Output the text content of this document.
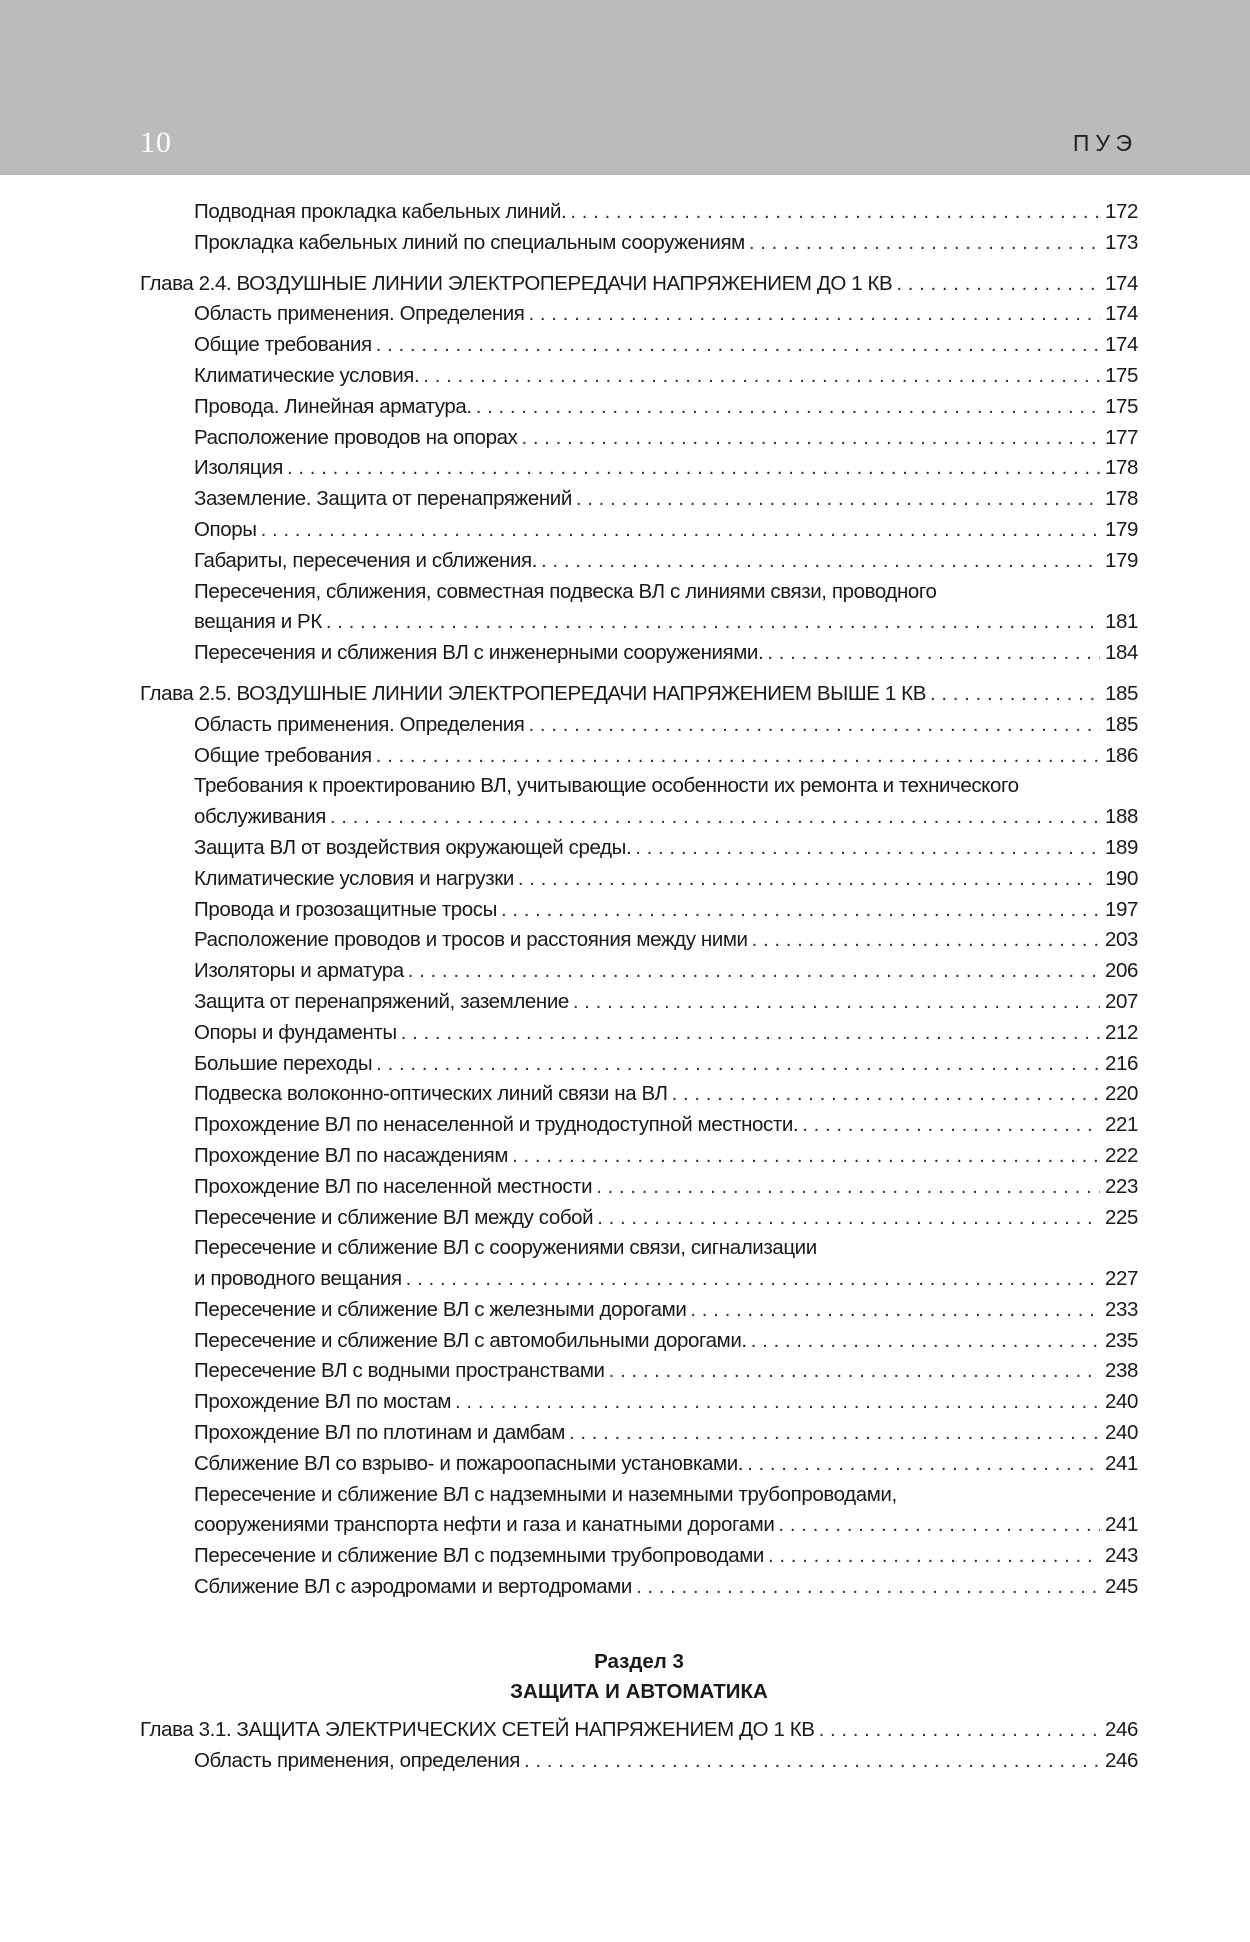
10	ПУЭ
Подводная прокладка кабельных линий. . . .	172
Прокладка кабельных линий по специальным сооружениям . . .	173
Глава 2.4. ВОЗДУШНЫЕ ЛИНИИ ЭЛЕКТРОПЕРЕДАЧИ НАПРЯЖЕНИЕМ ДО 1 КВ . . .	174
Область применения. Определения . . .	174
Общие требования . . .	174
Климатические условия. . . .	175
Провода. Линейная арматура. . . .	175
Расположение проводов на опорах . . .	177
Изоляция . . .	178
Заземление. Защита от перенапряжений . . .	178
Опоры . . .	179
Габариты, пересечения и сближения. . . .	179
Пересечения, сближения, совместная подвеска ВЛ с линиями связи, проводного
вещания и РК . . .	181
Пересечения и сближения ВЛ с инженерными сооружениями. . . .	184
Глава 2.5. ВОЗДУШНЫЕ ЛИНИИ ЭЛЕКТРОПЕРЕДАЧИ НАПРЯЖЕНИЕМ ВЫШЕ 1 КВ . . .	185
Область применения. Определения . . .	185
Общие требования . . .	186
Требования к проектированию ВЛ, учитывающие особенности их ремонта и технического
обслуживания . . .	188
Защита ВЛ от воздействия окружающей среды. . . .	189
Климатические условия и нагрузки . . .	190
Провода и грозозащитные тросы . . .	197
Расположение проводов и тросов и расстояния между ними . . .	203
Изоляторы и арматура . . .	206
Защита от перенапряжений, заземление . . .	207
Опоры и фундаменты . . .	212
Большие переходы . . .	216
Подвеска волоконно-оптических линий связи на ВЛ . . .	220
Прохождение ВЛ по ненаселенной и труднодоступной местности. . . .	221
Прохождение ВЛ по насаждениям . . .	222
Прохождение ВЛ по населенной местности . . .	223
Пересечение и сближение ВЛ между собой . . .	225
Пересечение и сближение ВЛ с сооружениями связи, сигнализации
и проводного вещания . . .	227
Пересечение и сближение ВЛ с железными дорогами . . .	233
Пересечение и сближение ВЛ с автомобильными дорогами. . . .	235
Пересечение ВЛ с водными пространствами . . .	238
Прохождение ВЛ по мостам . . .	240
Прохождение ВЛ по плотинам и дамбам . . .	240
Сближение ВЛ со взрыво- и пожароопасными установками. . . .	241
Пересечение и сближение ВЛ с надземными и наземными трубопроводами,
сооружениями транспорта нефти и газа и канатными дорогами . . .	241
Пересечение и сближение ВЛ с подземными трубопроводами . . .	243
Сближение ВЛ с аэродромами и вертодромами . . .	245
Раздел 3
ЗАЩИТА И АВТОМАТИКА
Глава 3.1. ЗАЩИТА ЭЛЕКТРИЧЕСКИХ СЕТЕЙ НАПРЯЖЕНИЕМ ДО 1 КВ . . .	246
Область применения, определения . . .	246
